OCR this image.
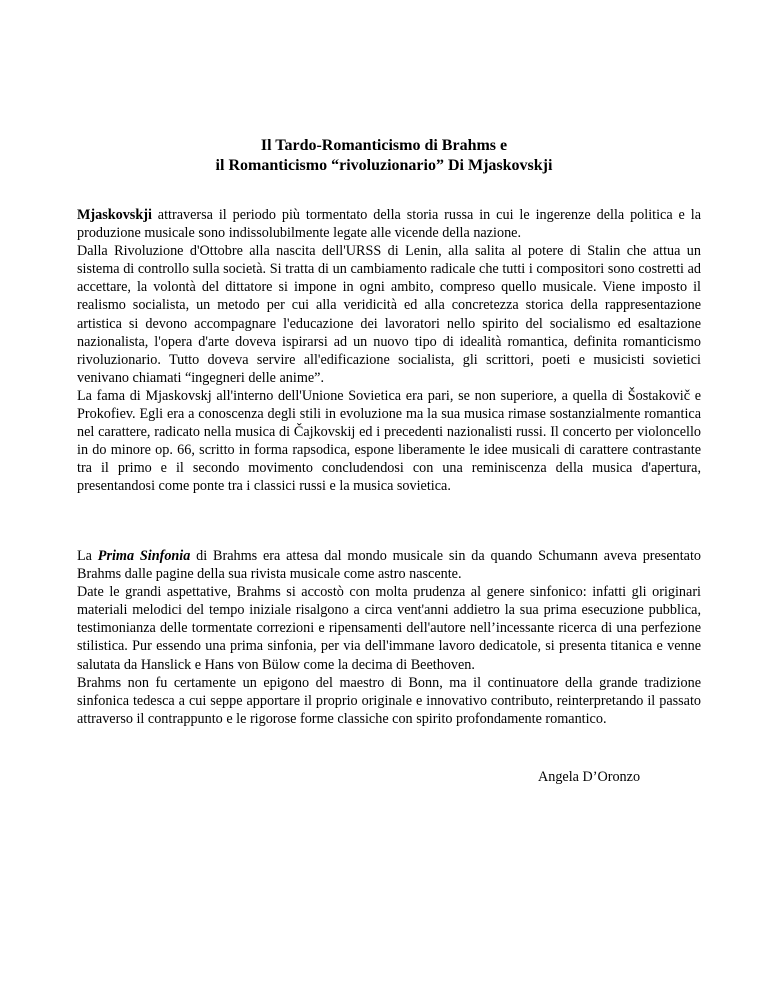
Il Tardo-Romanticismo di Brahms e
il Romanticismo “rivoluzionario” Di Mjaskovskji

Mjaskovskji attraversa il periodo più tormentato della storia russa in cui le ingerenze della politica e la produzione musicale sono indissolubilmente legate alle vicende della nazione.

Dalla Rivoluzione d'Ottobre alla nascita dell'URSS di Lenin, alla salita al potere di Stalin che attua un sistema di controllo sulla società. Si tratta di un cambiamento radicale che tutti i compositori sono costretti ad accettare, la volontà del dittatore si impone in ogni ambito, compreso quello musicale. Viene imposto il realismo socialista, un metodo per cui alla veridicità ed alla concretezza storica della rappresentazione artistica si devono accompagnare l'educazione dei lavoratori nello spirito del socialismo ed esaltazione nazionalista, l'opera d'arte doveva ispirarsi ad un nuovo tipo di idealità romantica, definita romanticismo rivoluzionario. Tutto doveva servire all'edificazione socialista, gli scrittori, poeti e musicisti sovietici venivano chiamati “ingegneri delle anime”.

La fama di Mjaskovskj all'interno dell'Unione Sovietica era pari, se non superiore, a quella di Šostakovič e Prokofiev. Egli era a conoscenza degli stili in evoluzione ma la sua musica rimase sostanzialmente romantica nel carattere, radicato nella musica di Čajkovskij ed i precedenti nazionalisti russi. Il concerto per violoncello in do minore op. 66, scritto in forma rapsodica, espone liberamente le idee musicali di carattere contrastante tra il primo e il secondo movimento concludendosi con una reminiscenza della musica d'apertura, presentandosi come ponte tra i classici russi e la musica sovietica.

La Prima Sinfonia di Brahms era attesa dal mondo musicale sin da quando Schumann aveva presentato Brahms dalle pagine della sua rivista musicale come astro nascente.

Date le grandi aspettative, Brahms si accostò con molta prudenza al genere sinfonico: infatti gli originari materiali melodici del tempo iniziale risalgono a circa vent'anni addietro la sua prima esecuzione pubblica, testimonianza delle tormentate correzioni e ripensamenti dell'autore nell’incessante ricerca di una perfezione stilistica. Pur essendo una prima sinfonia, per via dell'immane lavoro dedicatole, si presenta titanica e venne salutata da Hanslick e Hans von Bülow come la decima di Beethoven.

Brahms non fu certamente un epigono del maestro di Bonn, ma il continuatore della grande tradizione sinfonica tedesca a cui seppe apportare il proprio originale e innovativo contributo, reinterpretando il passato attraverso il contrappunto e le rigorose forme classiche con spirito profondamente romantico.

Angela D’Oronzo
